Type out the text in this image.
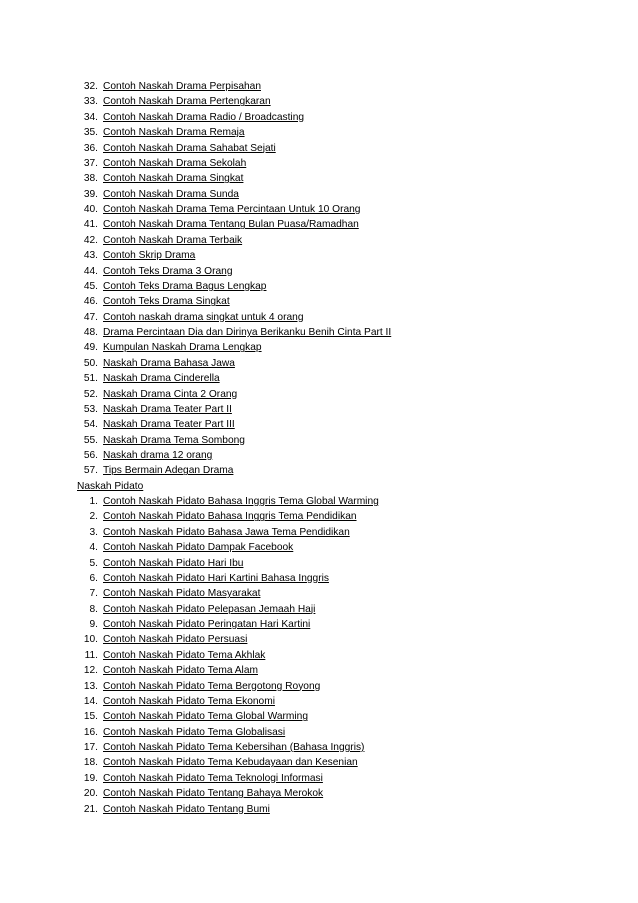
32. Contoh Naskah Drama Perpisahan
33. Contoh Naskah Drama Pertengkaran
34. Contoh Naskah Drama Radio / Broadcasting
35. Contoh Naskah Drama Remaja
36. Contoh Naskah Drama Sahabat Sejati
37. Contoh Naskah Drama Sekolah
38. Contoh Naskah Drama Singkat
39. Contoh Naskah Drama Sunda
40. Contoh Naskah Drama Tema Percintaan Untuk 10 Orang
41. Contoh Naskah Drama Tentang Bulan Puasa/Ramadhan
42. Contoh Naskah Drama Terbaik
43. Contoh Skrip Drama
44. Contoh Teks Drama 3 Orang
45. Contoh Teks Drama Bagus Lengkap
46. Contoh Teks Drama Singkat
47. Contoh naskah drama singkat untuk 4 orang
48. Drama Percintaan Dia dan Dirinya Berikanku Benih Cinta Part II
49. Kumpulan Naskah Drama Lengkap
50. Naskah Drama Bahasa Jawa
51. Naskah Drama Cinderella
52. Naskah Drama Cinta 2 Orang
53. Naskah Drama Teater Part II
54. Naskah Drama Teater Part III
55. Naskah Drama Tema Sombong
56. Naskah drama 12 orang
57. Tips Bermain Adegan Drama
Naskah Pidato
1. Contoh Naskah Pidato Bahasa Inggris Tema Global Warming
2. Contoh Naskah Pidato Bahasa Inggris Tema Pendidikan
3. Contoh Naskah Pidato Bahasa Jawa Tema Pendidikan
4. Contoh Naskah Pidato Dampak Facebook
5. Contoh Naskah Pidato Hari Ibu
6. Contoh Naskah Pidato Hari Kartini Bahasa Inggris
7. Contoh Naskah Pidato Masyarakat
8. Contoh Naskah Pidato Pelepasan Jemaah Haji
9. Contoh Naskah Pidato Peringatan Hari Kartini
10. Contoh Naskah Pidato Persuasi
11. Contoh Naskah Pidato Tema Akhlak
12. Contoh Naskah Pidato Tema Alam
13. Contoh Naskah Pidato Tema Bergotong Royong
14. Contoh Naskah Pidato Tema Ekonomi
15. Contoh Naskah Pidato Tema Global Warming
16. Contoh Naskah Pidato Tema Globalisasi
17. Contoh Naskah Pidato Tema Kebersihan (Bahasa Inggris)
18. Contoh Naskah Pidato Tema Kebudayaan dan Kesenian
19. Contoh Naskah Pidato Tema Teknologi Informasi
20. Contoh Naskah Pidato Tentang Bahaya Merokok
21. Contoh Naskah Pidato Tentang Bumi
